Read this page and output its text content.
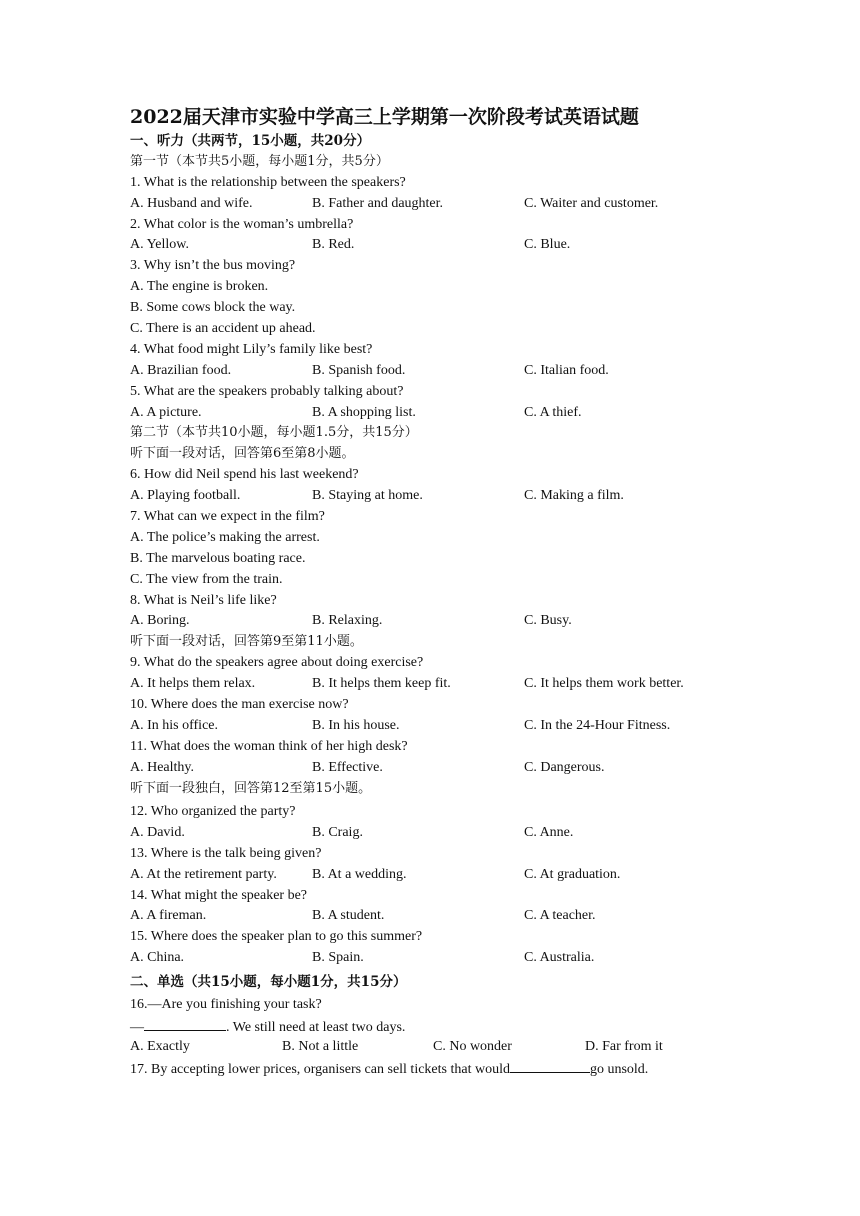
2022届天津市实验中学高三上学期第一次阶段考试英语试题
一、听力（共两节，15小题，共20分）
第一节（本节共5小题，每小题1分，共5分）
1. What is the relationship between the speakers?
A. Husband and wife.	B. Father and daughter.	C. Waiter and customer.
2. What color is the woman’s umbrella?
A. Yellow.	B. Red.	C. Blue.
3. Why isn’t the bus moving?
A. The engine is broken.
B. Some cows block the way.
C. There is an accident up ahead.
4. What food might Lily’s family like best?
A. Brazilian food.	B. Spanish food.	C. Italian food.
5. What are the speakers probably talking about?
A. A picture.	B. A shopping list.	C. A thief.
第二节（本节共10小题，每小题1.5分，共15分）
听下面一段对话，回答第6至第8小题。
6. How did Neil spend his last weekend?
A. Playing football.	B. Staying at home.	C. Making a film.
7. What can we expect in the film?
A. The police’s making the arrest.
B. The marvelous boating race.
C. The view from the train.
8. What is Neil’s life like?
A. Boring.	B. Relaxing.	C. Busy.
听下面一段对话，回答第9至第11小题。
9. What do the speakers agree about doing exercise?
A. It helps them relax.	B. It helps them keep fit.	C. It helps them work better.
10. Where does the man exercise now?
A. In his office.	B. In his house.	C. In the 24-Hour Fitness.
11. What does the woman think of her high desk?
A. Healthy.	B. Effective.	C. Dangerous.
听下面一段独白，回答第12至第15小题。
12. Who organized the party?
A. David.	B. Craig.	C. Anne.
13. Where is the talk being given?
A. At the retirement party.	B. At a wedding.	C. At graduation.
14. What might the speaker be?
A. A fireman.	B. A student.	C. A teacher.
15. Where does the speaker plan to go this summer?
A. China.	B. Spain.	C. Australia.
二、单选（共15小题，每小题1分，共15分）
16.—Are you finishing your task?
—	. We still need at least two days.
A. Exactly	B. Not a little	C. No wonder	D. Far from it
17. By accepting lower prices, organisers can sell tickets that would	go unsold.
